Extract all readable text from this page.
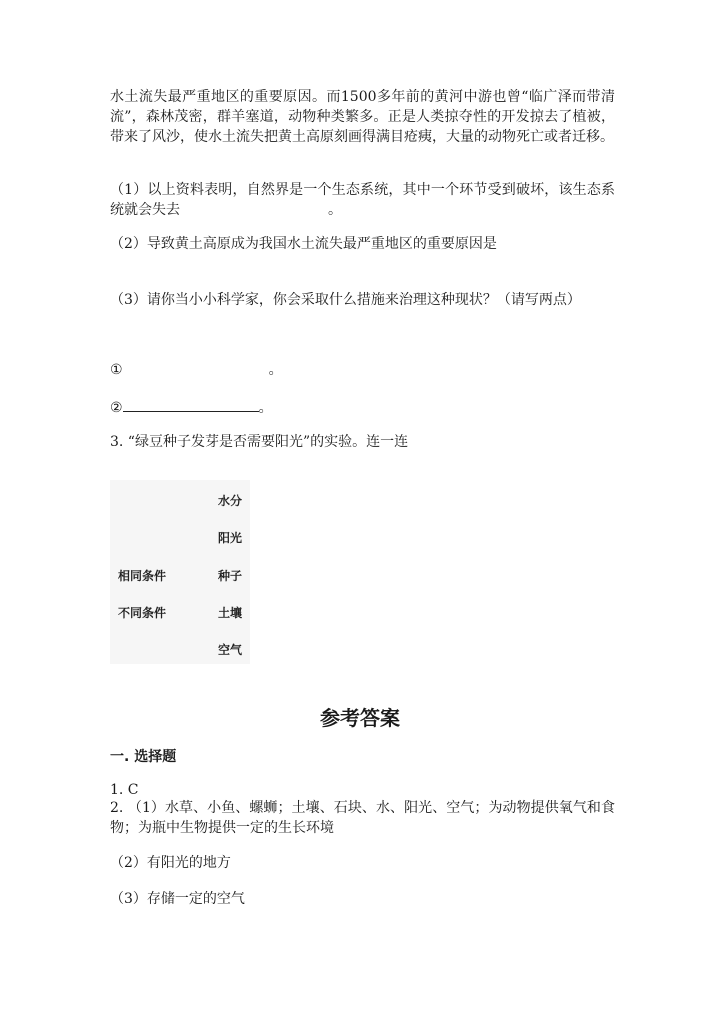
水土流失最严重地区的重要原因。而1500多年前的黄河中游也曾“临广泽而带清流”，森林茂密，群羊塞道，动物种类繁多。正是人类掠夺性的开发掠去了植被，带来了风沙，使水土流失把黄土高原刻画得满目疮痍，大量的动物死亡或者迁移。
（1）以上资料表明，自然界是一个生态系统，其中一个环节受到破坏，该生态系统就会失去	。
（2）导致黄土高原成为我国水土流失最严重地区的重要原因是
（3）请你当小小科学家，你会采取什么措施来治理这种现状？（请写两点）
①	。
②	。
3. “绿豆种子发芽是否需要阳光”的实验。连一连
水分
阳光
相同条件	种子
不同条件	土壤
空气
参考答案
一. 选择题
1. C
2. （1）水草、小鱼、螺蛳；土壤、石块、水、阳光、空气；为动物提供氧气和食物；为瓶中生物提供一定的生长环境
（2）有阳光的地方
（3）存储一定的空气
